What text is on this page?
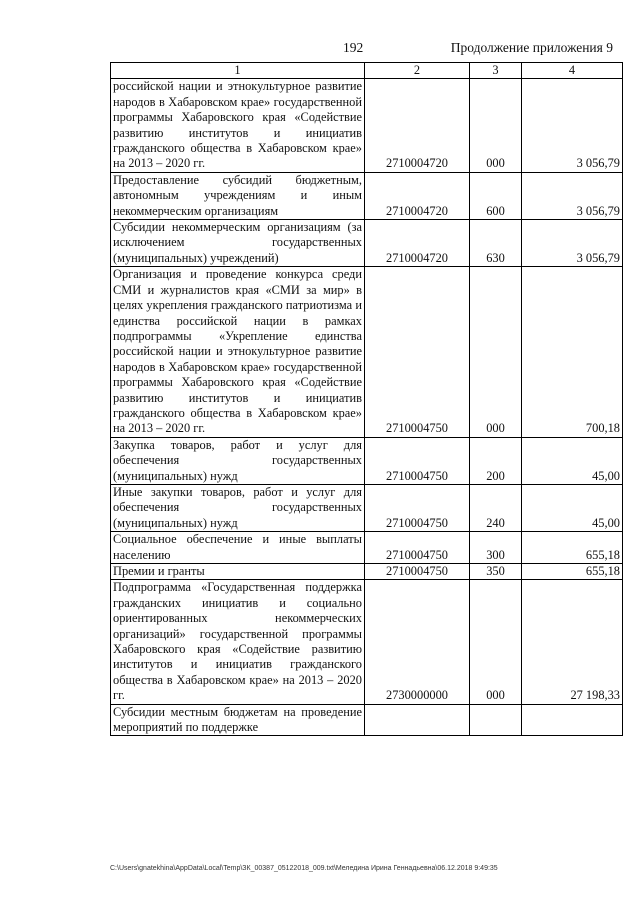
192	Продолжение приложения 9
1	2	3	4
российской нации и этнокультурное развитие народов в Хабаровском крае» государственной программы Хабаровского края «Содействие развитию институтов и инициатив гражданского общества в Хабаровском крае» на 2013 – 2020 гг.	2710004720	000	3 056,79
Предоставление субсидий бюджетным, автономным учреждениям и иным некоммерческим организациям	2710004720	600	3 056,79
Субсидии некоммерческим организациям (за исключением государственных (муниципальных) учреждений)	2710004720	630	3 056,79
Организация и проведение конкурса среди СМИ и журналистов края «СМИ за мир» в целях укрепления гражданского патриотизма и единства российской нации в рамках подпрограммы «Укрепление единства российской нации и этнокультурное развитие народов в Хабаровском крае» государственной программы Хабаровского края «Содействие развитию институтов и инициатив гражданского общества в Хабаровском крае» на 2013 – 2020 гг.	2710004750	000	700,18
Закупка товаров, работ и услуг для обеспечения государственных (муниципальных) нужд	2710004750	200	45,00
Иные закупки товаров, работ и услуг для обеспечения государственных (муниципальных) нужд	2710004750	240	45,00
Социальное обеспечение и иные выплаты населению	2710004750	300	655,18
Премии и гранты	2710004750	350	655,18
Подпрограмма «Государственная поддержка гражданских инициатив и социально ориентированных некоммерческих организаций» государственной программы Хабаровского края «Содействие развитию институтов и инициатив гражданского общества в Хабаровском крае» на 2013 – 2020 гг.	2730000000	000	27 198,33
Субсидии местным бюджетам на проведение мероприятий по поддержке			
C:\Users\gnatekhina\AppData\Local\Temp\ЗК_00387_05122018_009.txt\Меледина Ирина Геннадьевна\06.12.2018 9:49:35
